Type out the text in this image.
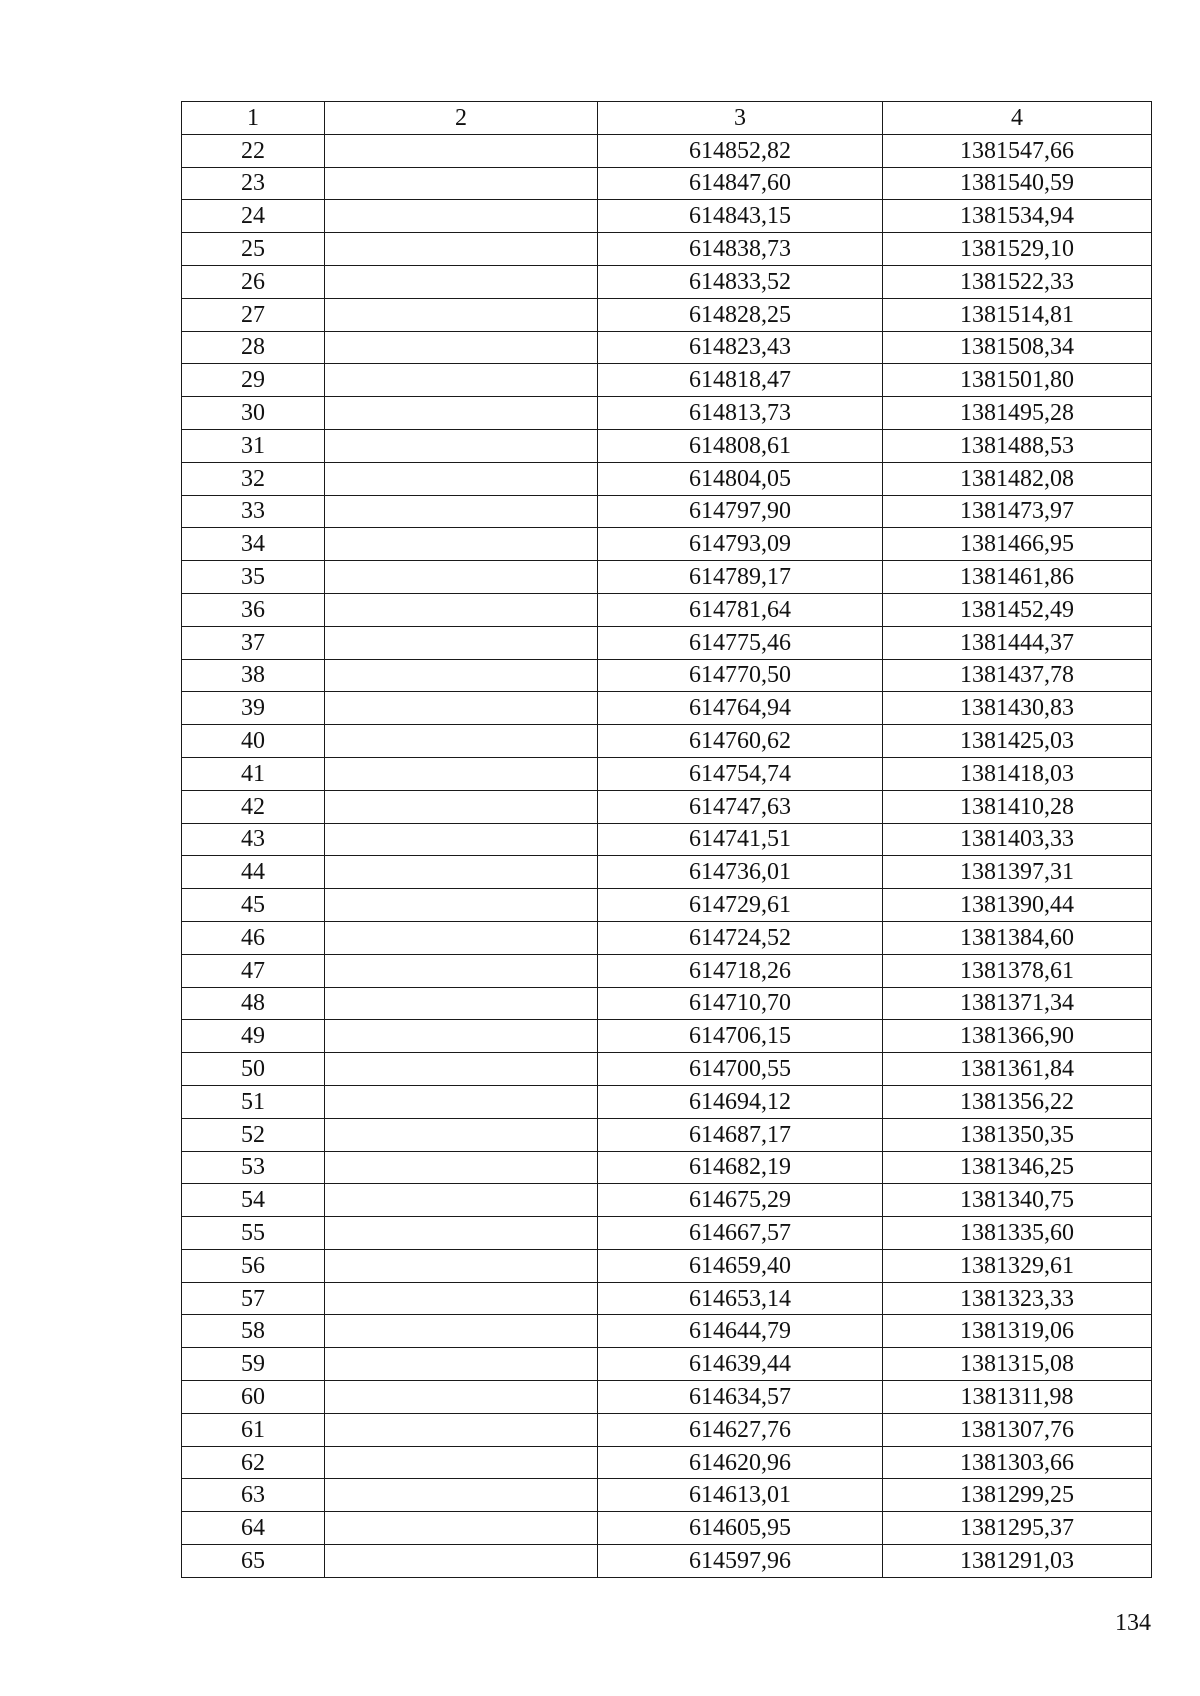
1	2	3	4
22		614852,82	1381547,66
23		614847,60	1381540,59
24		614843,15	1381534,94
25		614838,73	1381529,10
26		614833,52	1381522,33
27		614828,25	1381514,81
28		614823,43	1381508,34
29		614818,47	1381501,80
30		614813,73	1381495,28
31		614808,61	1381488,53
32		614804,05	1381482,08
33		614797,90	1381473,97
34		614793,09	1381466,95
35		614789,17	1381461,86
36		614781,64	1381452,49
37		614775,46	1381444,37
38		614770,50	1381437,78
39		614764,94	1381430,83
40		614760,62	1381425,03
41		614754,74	1381418,03
42		614747,63	1381410,28
43		614741,51	1381403,33
44		614736,01	1381397,31
45		614729,61	1381390,44
46		614724,52	1381384,60
47		614718,26	1381378,61
48		614710,70	1381371,34
49		614706,15	1381366,90
50		614700,55	1381361,84
51		614694,12	1381356,22
52		614687,17	1381350,35
53		614682,19	1381346,25
54		614675,29	1381340,75
55		614667,57	1381335,60
56		614659,40	1381329,61
57		614653,14	1381323,33
58		614644,79	1381319,06
59		614639,44	1381315,08
60		614634,57	1381311,98
61		614627,76	1381307,76
62		614620,96	1381303,66
63		614613,01	1381299,25
64		614605,95	1381295,37
65		614597,96	1381291,03
134
